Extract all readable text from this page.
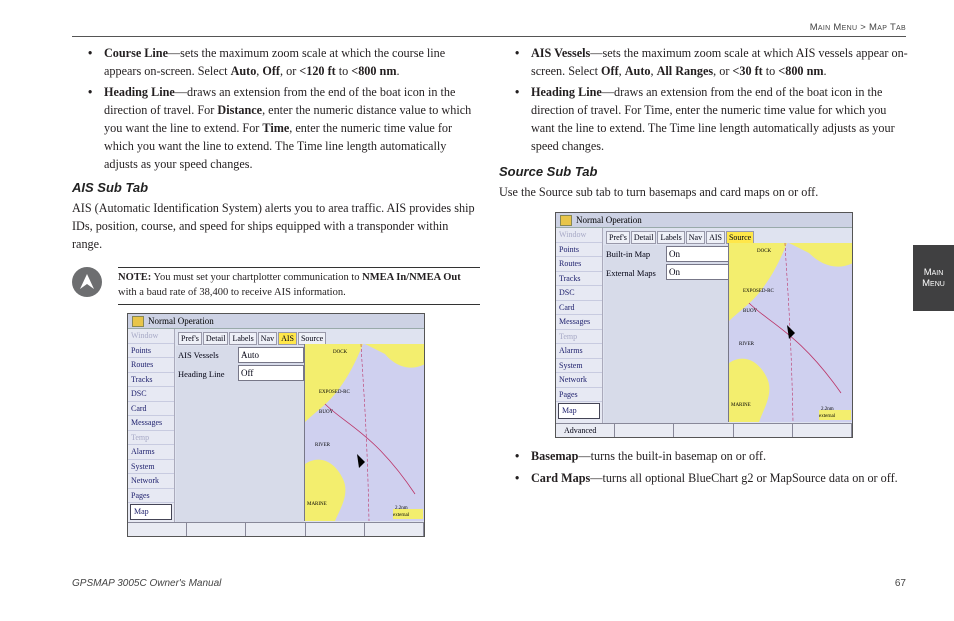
Main Menu > Map Tab
• Course Line—sets the maximum zoom scale at which the course line appears on-screen. Select Auto, Off, or <120 ft to <800 nm.
• Heading Line—draws an extension from the end of the boat icon in the direction of travel. For Distance, enter the numeric distance value to which you want the line to extend. For Time, enter the numeric time value for which you want the line to extend. The Time line length automatically adjusts as your speed changes.
AIS Sub Tab

AIS (Automatic Identification System) alerts you to area traffic. AIS provides ship IDs, position, course, and speed for ships equipped with a transponder within range.

NOTE: You must set your chartplotter communication to NMEA In/NMEA Out with a baud rate of 38,400 to receive AIS information.
Normal Operation
Window
Points
Routes
Tracks
DSC
Card
Messages
Temp
Alarms
System
Network
Pages
Map
Pref's Detail Labels Nav AIS Source
AIS Vessels	Auto
Heading Line	Off
DOCK
EXPOSED-RC
BUOY
RIVER
MARINE
2.2nm
external
• AIS Vessels—sets the maximum zoom scale at which AIS vessels appear on-screen. Select Off, Auto, All Ranges, or <30 ft to <800 nm.
• Heading Line—draws an extension from the end of the boat icon in the direction of travel. For Time, enter the numeric time value for which you want the line to extend. The Time line length automatically adjusts as your speed changes.
Source Sub Tab

Use the Source sub tab to turn basemaps and card maps on or off.

Normal Operation
Window
Points
Routes
Tracks
DSC
Card
Messages
Temp
Alarms
System
Network
Pages
Map
Pref's Detail Labels Nav AIS Source
Built-in Map	On
External Maps	On
DOCK
EXPOSED-RC
BUOY
RIVER
MARINE
2.2nm
external
Advanced
• Basemap—turns the built-in basemap on or off.
• Card Maps—turns all optional BlueChart g2 or MapSource data on or off.
Main
Menu
GPSMAP 3005C Owner's Manual	67
